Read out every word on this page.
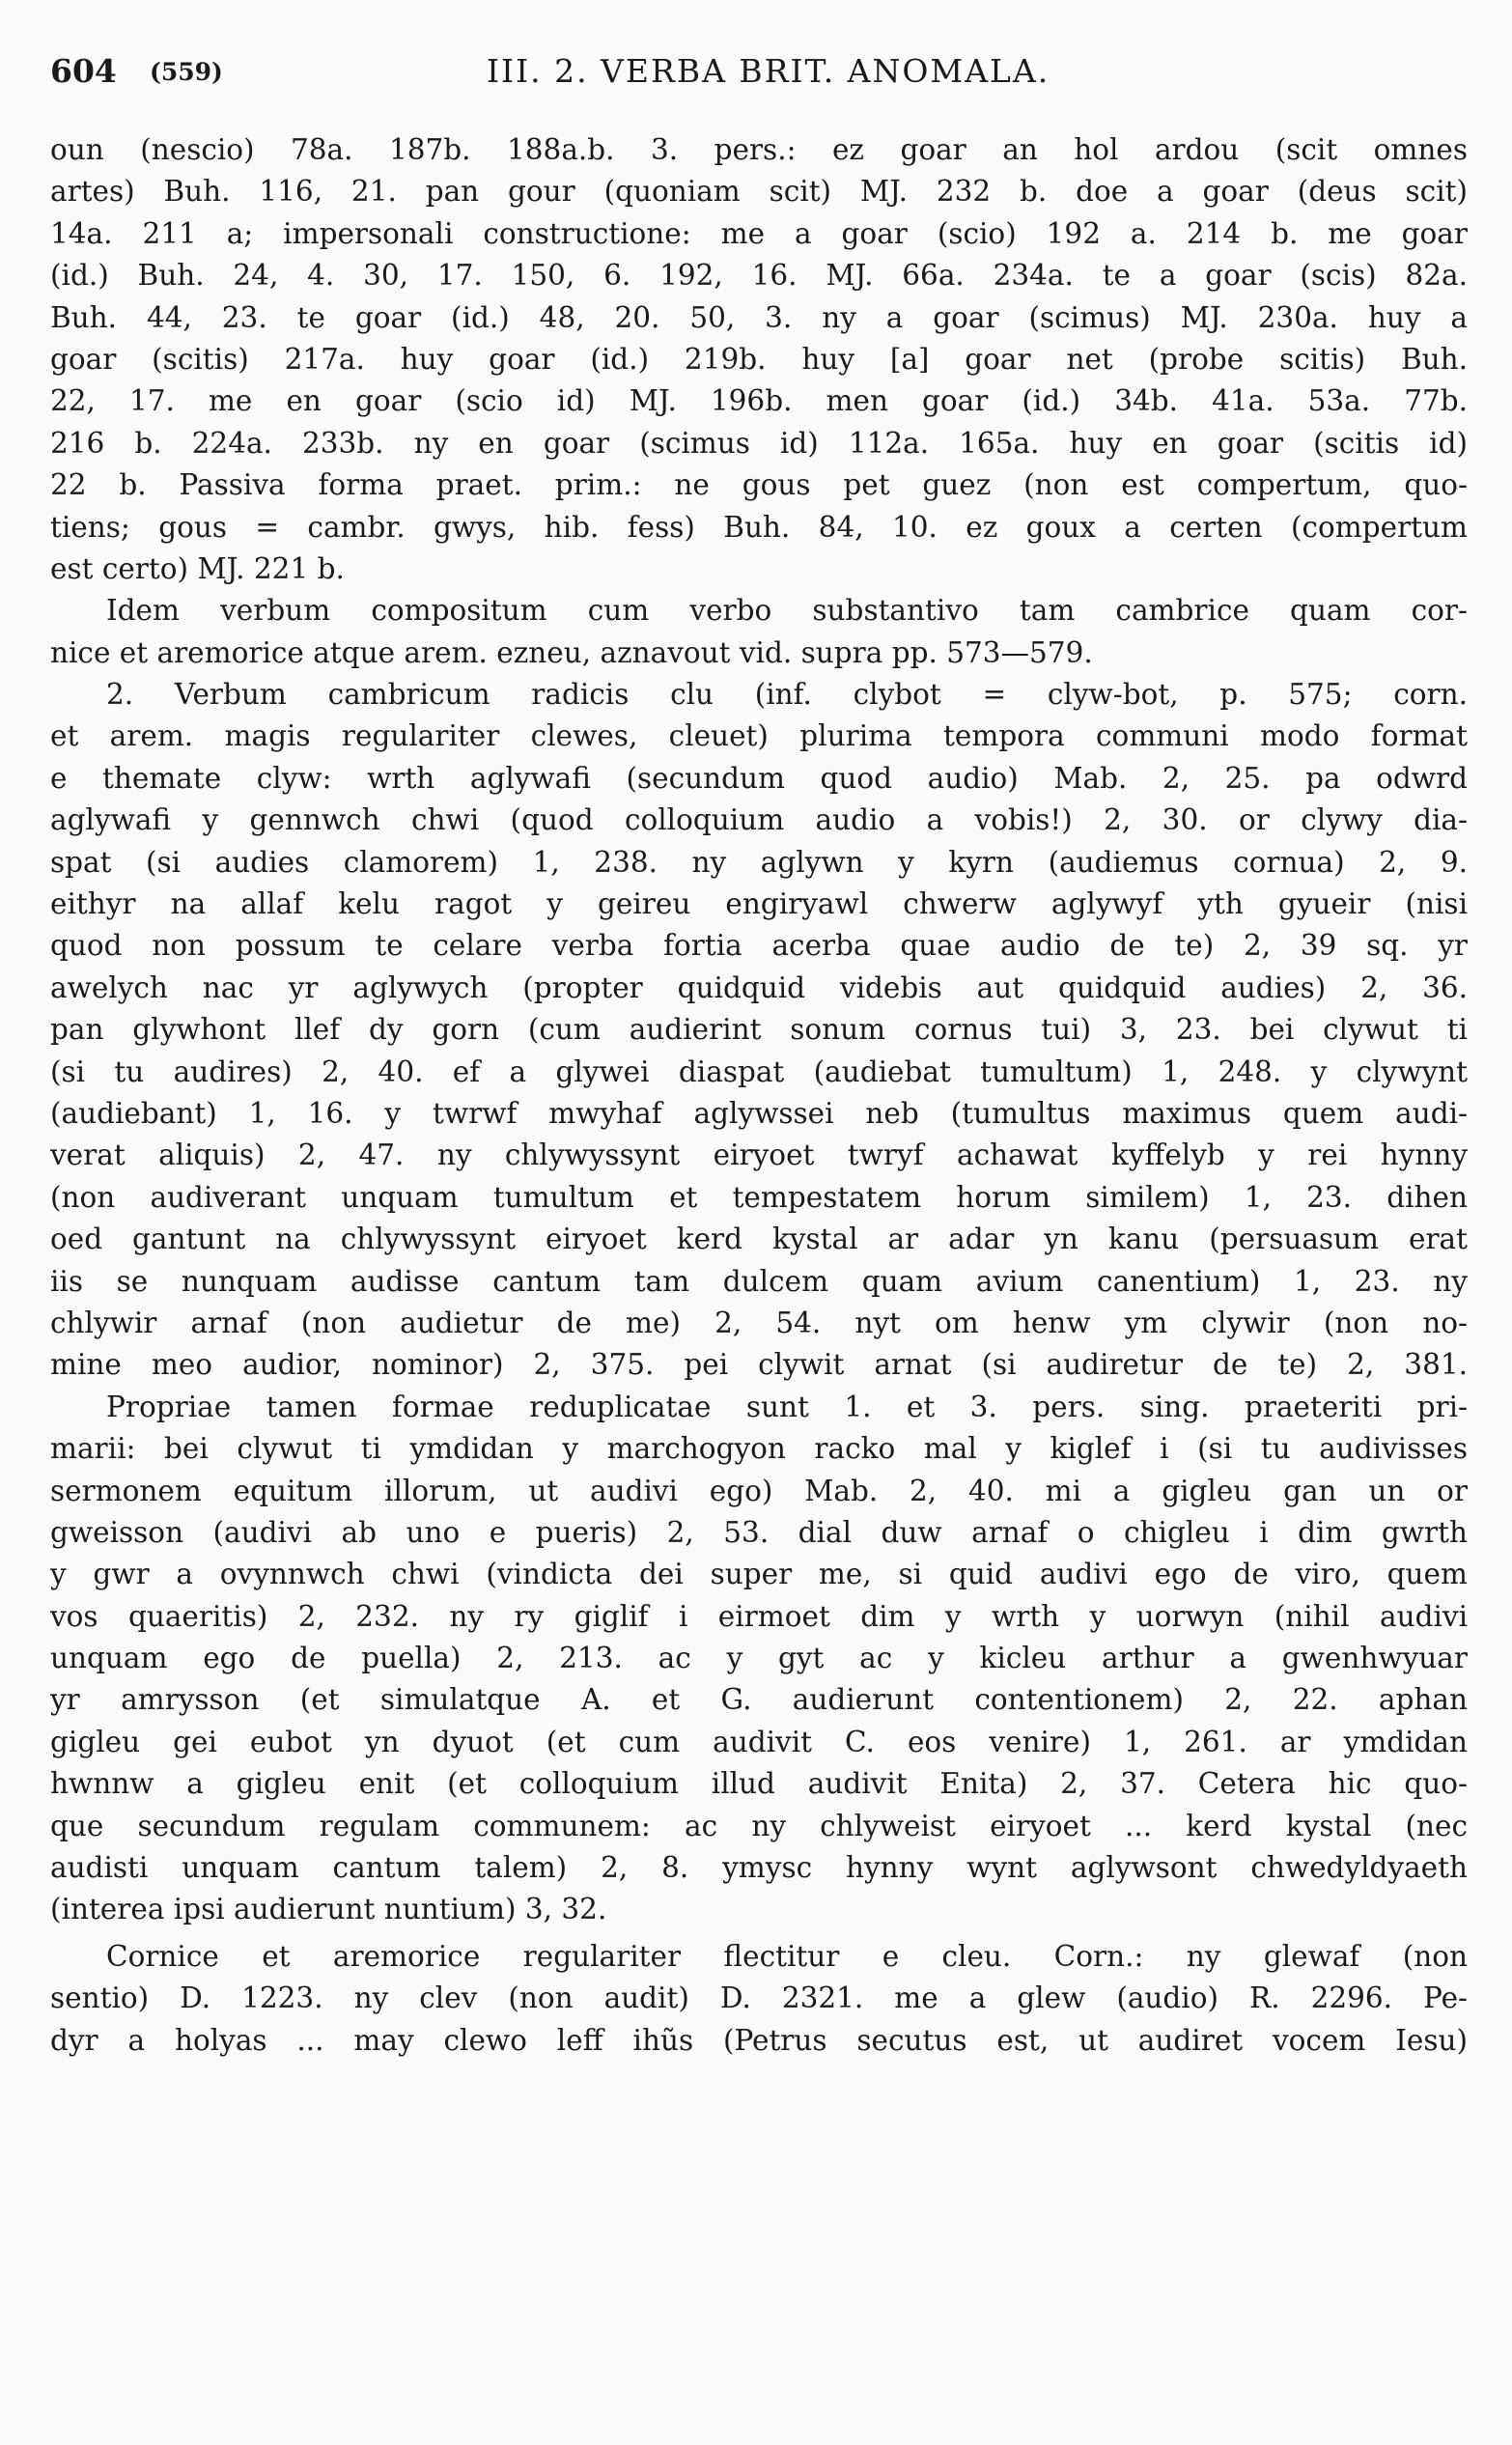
604 (559)	III. 2. VERBA BRIT. ANOMALA.
oun (nescio) 78a. 187b. 188a.b. 3. pers.: ez goar an hol ardou (scit omnes
artes) Buh. 116, 21. pan gour (quoniam scit) MJ. 232 b. doe a goar (deus scit)
14a. 211 a; impersonali constructione: me a goar (scio) 192 a. 214 b. me goar
(id.) Buh. 24, 4. 30, 17. 150, 6. 192, 16. MJ. 66a. 234a. te a goar (scis) 82a.
Buh. 44, 23. te goar (id.) 48, 20. 50, 3. ny a goar (scimus) MJ. 230a. huy a
goar (scitis) 217a. huy goar (id.) 219b. huy [a] goar net (probe scitis) Buh.
22, 17. me en goar (scio id) MJ. 196b. men goar (id.) 34b. 41a. 53a. 77b.
216 b. 224a. 233b. ny en goar (scimus id) 112a. 165a. huy en goar (scitis id)
22 b. Passiva forma praet. prim.: ne gous pet guez (non est compertum, quo-
tiens; gous = cambr. gwys, hib. fess) Buh. 84, 10. ez goux a certen (compertum
est certo) MJ. 221 b.
Idem verbum compositum cum verbo substantivo tam cambrice quam cor-
nice et aremorice atque arem. ezneu, aznavout vid. supra pp. 573—579.
2. Verbum cambricum radicis clu (inf. clybot = clyw-bot, p. 575; corn.
et arem. magis regulariter clewes, cleuet) plurima tempora communi modo format
e themate clyw: wrth aglywafi (secundum quod audio) Mab. 2, 25. pa odwrd
aglywafi y gennwch chwi (quod colloquium audio a vobis!) 2, 30. or clywy dia-
spat (si audies clamorem) 1, 238. ny aglywn y kyrn (audiemus cornua) 2, 9.
eithyr na allaf kelu ragot y geireu engiryawl chwerw aglywyf yth gyueir (nisi
quod non possum te celare verba fortia acerba quae audio de te) 2, 39 sq. yr
awelych nac yr aglywych (propter quidquid videbis aut quidquid audies) 2, 36.
pan glywhont llef dy gorn (cum audierint sonum cornus tui) 3, 23. bei clywut ti
(si tu audires) 2, 40. ef a glywei diaspat (audiebat tumultum) 1, 248. y clywynt
(audiebant) 1, 16. y twrwf mwyhaf aglywssei neb (tumultus maximus quem audi-
verat aliquis) 2, 47. ny chlywyssynt eiryoet twryf achawat kyffelyb y rei hynny
(non audiverant unquam tumultum et tempestatem horum similem) 1, 23. dihen
oed gantunt na chlywyssynt eiryoet kerd kystal ar adar yn kanu (persuasum erat
iis se nunquam audisse cantum tam dulcem quam avium canentium) 1, 23. ny
chlywir arnaf (non audietur de me) 2, 54. nyt om henw ym clywir (non no-
mine meo audior, nominor) 2, 375. pei clywit arnat (si audiretur de te) 2, 381.
Propriae tamen formae reduplicatae sunt 1. et 3. pers. sing. praeteriti pri-
marii: bei clywut ti ymdidan y marchogyon racko mal y kiglef i (si tu audivisses
sermonem equitum illorum, ut audivi ego) Mab. 2, 40. mi a gigleu gan un or
gweisson (audivi ab uno e pueris) 2, 53. dial duw arnaf o chigleu i dim gwrth
y gwr a ovynnwch chwi (vindicta dei super me, si quid audivi ego de viro, quem
vos quaeritis) 2, 232. ny ry giglif i eirmoet dim y wrth y uorwyn (nihil audivi
unquam ego de puella) 2, 213. ac y gyt ac y kicleu arthur a gwenhwyuar
yr amrysson (et simulatque A. et G. audierunt contentionem) 2, 22. aphan
gigleu gei eubot yn dyuot (et cum audivit C. eos venire) 1, 261. ar ymdidan
hwnnw a gigleu enit (et colloquium illud audivit Enita) 2, 37. Cetera hic quo-
que secundum regulam communem: ac ny chlyweist eiryoet ... kerd kystal (nec
audisti unquam cantum talem) 2, 8. ymysc hynny wynt aglywsont chwedyldyaeth
(interea ipsi audierunt nuntium) 3, 32.
Cornice et aremorice regulariter flectitur e cleu. Corn.: ny glewaf (non
sentio) D. 1223. ny clev (non audit) D. 2321. me a glew (audio) R. 2296. Pe-
dyr a holyas ... may clewo leff ihũs (Petrus secutus est, ut audiret vocem Iesu)
